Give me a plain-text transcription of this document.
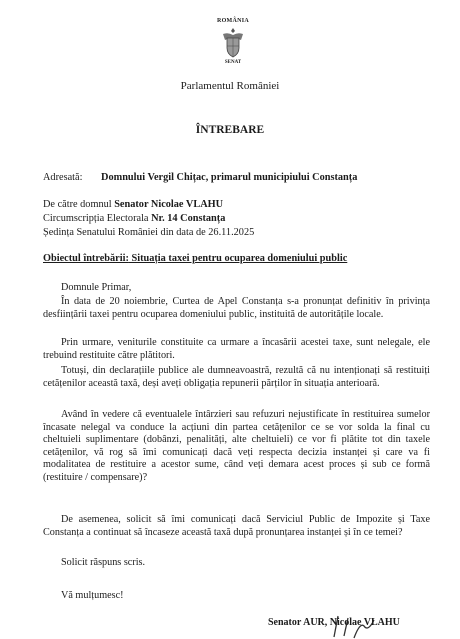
ROMÂNIA
SENAT
Parlamentul României
ÎNTREBARE
Adresată: Domnului Vergil Chițac, primarul municipiului Constanța
De către domnul Senator Nicolae VLAHU
Circumscripția Electorala Nr. 14 Constanța
Ședința Senatului României din data de 26.11.2025
Obiectul întrebării: Situația taxei pentru ocuparea domeniului public
Domnule Primar,
În data de 20 noiembrie, Curtea de Apel Constanța s-a pronunțat definitiv în privința desființării taxei pentru ocuparea domeniului public, instituită de autoritățile locale.
Prin urmare, veniturile constituite ca urmare a încasării acestei taxe, sunt nelegale, ele trebuind restituite către plătitori.
Totuși, din declarațiile publice ale dumneavoastră, rezultă că nu intenționați să restituiți cetățenilor această taxă, deși aveți obligația repunerii părților în situația anterioară.
Având în vedere că eventualele întârzieri sau refuzuri nejustificate în restituirea sumelor încasate nelegal va conduce la acțiuni din partea cetățenilor ce se vor solda la final cu cheltuieli suplimentare (dobânzi, penalități, alte cheltuieli) ce vor fi plătite tot din taxele cetățenilor, vă rog să îmi comunicați dacă veți respecta decizia instanței și care va fi modalitatea de restituire a acestor sume, când veți demara acest proces și sub ce formă (restituire / compensare)?
De asemenea, solicit să îmi comunicați dacă Serviciul Public de Impozite și Taxe Constanța a continuat să încaseze această taxă după pronunțarea instanței și în ce temei?
Solicit răspuns scris.
Vă mulțumesc!
Senator AUR, Nicolae VLAHU
